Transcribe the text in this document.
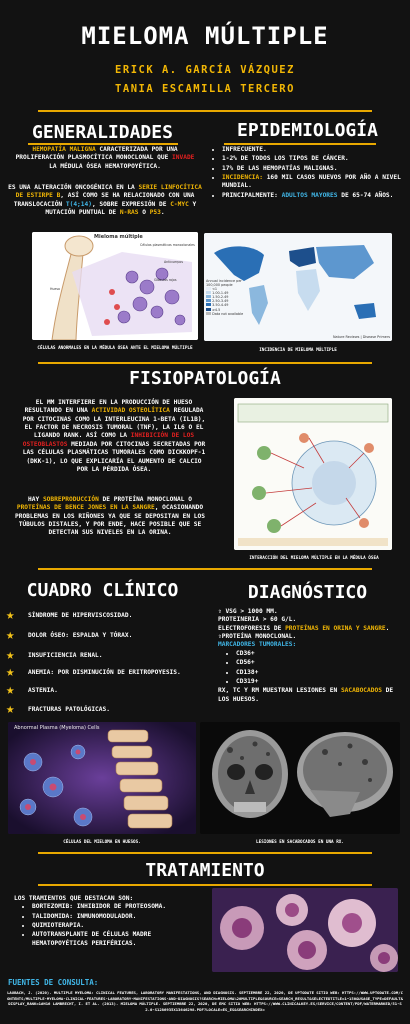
MIELOMA MÚLTIPLE
ERICK A. GARCÍA VÁZQUEZ
TANIA ESCAMILLA TERCERO
GENERALIDADES
HEMOPATÍA MALIGNA CARACTERIZADA POR UNA PROLIFERACIÓN PLASMOCÍTICA MONOCLONAL QUE INVADE LA MÉDULA ÓSEA HEMATOPOYÉTICA.
ES UNA ALTERACIÓN ONCOGÉNICA EN LA SERIE LINFOCÍTICA DE ESTIRPE B, ASÍ COMO SE HA RELACIONADO CON UNA TRANSLOCACIÓN T(4;14), SOBRE EXPRESIÓN DE C-MYC Y MUTACIÓN PUNTUAL DE N-RAS O P53.
Mieloma múltiple
Células plasmáticas monoclonales
Anticuerpos
Glóbulos rojos
Hueso
CÉLULAS ANORMALES EN LA MÉDULA ÓSEA ANTE EL MIELOMA MÚLTIPLE
EPIDEMIOLOGÍA
• INFRECUENTE.
• 1-2% DE TODOS LOS TIPOS DE CÁNCER.
• 17% DE LAS HEMOPATÍAS MALIGNAS.
• INCIDENCIA: 160 MIL CASOS NUEVOS POR AÑO A NIVEL MUNDIAL.
• PRINCIPALMENTE: ADULTOS MAYORES DE 65-74 AÑOS.
Annual incidence per 100,000 people
<1
1.00-1.49
1.50-2.49
2.50-3.49
3.50-4.49
≥4.5
Data not available
Nature Reviews | Disease Primers
INCIDENCIA DE MIELOMA MÚLTIPLE
FISIOPATOLOGÍA
EL MM INTERFIERE EN LA PRODUCCIÓN DE HUESO RESULTANDO EN UNA ACTIVIDAD OSTEOLÍTICA REGULADA POR CITOCINAS COMO LA INTERLEUCINA 1-BETA (IL1B), EL FACTOR DE NECROSIS TUMORAL (TNF), LA IL6 O EL LIGANDO RANK. ASÍ COMO LA INHIBICIÓN DE LOS OSTEOBLASTOS MEDIADA POR CITOCINAS SECRETADAS POR LAS CÉLULAS PLASMÁTICAS TUMORALES COMO DICKKOPF-1 (DKK-1), LO QUE EXPLICARÍA EL AUMENTO DE CALCIO POR LA PÉRDIDA ÓSEA.
HAY SOBREPRODUCCIÓN DE PROTEÍNA MONOCLONAL O PROTEÍNAS DE BENCE JONES EN LA SANGRE, OCASIONANDO PROBLEMAS EN LOS RIÑONES YA QUE SE DEPOSITAN EN LOS TÚBULOS DISTALES, Y POR ENDE, HACE POSIBLE QUE SE DETECTAN SUS NIVELES EN LA ORINA.
INTERACCIÓN DEL MIELOMA MÚLTIPLE EN LA MÉDULA ÓSEA
CUADRO CLÍNICO
★ SÍNDROME DE HIPERVISCOSIDAD.
★ DOLOR ÓSEO: ESPALDA Y TÓRAX.
★ INSUFICIENCIA RENAL.
★ ANEMIA: POR DISMINUCIÓN DE ERITROPOYESIS.
★ ASTENIA.
★ FRACTURAS PATOLÓGICAS.
Abnormal Plasma (Myeloma) Cells
CÉLULAS DEL MIELOMA EN HUESOS.
DIAGNÓSTICO
⇧ VSG > 1000 MM.
PROTEINERIA > 60 G/L.
ELECTROFORESIS DE PROTEÍNAS EN ORINA Y SANGRE.
⇧PROTEÍNA MONOCLONAL.
MARCADORES TUMORALES:
• CD36+
• CD56+
• CD138+
• CD319+
RX, TC Y RM MUESTRAN LESIONES EN SACABOCADOS DE LOS HUESOS.
LESIONES EN SACABOCADOS EN UNA RX.
TRATAMIENTO
LOS TRAMIENTOS QUE DESTACAN SON:
• BORTEZOMIB: INHIBIDOR DE PROTEOSOMA.
• TALIDOMIDA: INMUNOMODULADOR.
• QUIMIOTERAPIA.
• AUTOTRANSPLANTE DE CÉLULAS MADRE HEMATOPOYÉTICAS PERIFÉRICAS.
FUENTES DE CONSULTA:
LAUBACH, J. (2020). MULTIPLE MYELOMA: CLINICAL FEATURES, LABORATORY MANIFESTATIONS, AND DIAGNOSIS. SEPTIEMBRE 22, 2020, DE UPTODATE SITIO WEB: HTTPS://WWW.UPTODATE.COM/CONTENTS/MULTIPLE-MYELOMA-CLINICAL-FEATURES-LABORATORY-MANIFESTATIONS-AND-DIAGNOSIS?SEARCH=MIELOMA%20MULTIPLE&SOURCE=SEARCH_RESULT&SELECTEDTITLE=1~150&USAGE_TYPE=DEFAULT&DISPLAY_RANK=1#H16 LAMBRECHT, I. ET AL. (2013). MIELOMA MÚLTIPLE. SEPTIEMBRE 22, 2020, DE EMC SITIO WEB: HTTPS://WWW.CLINICALKEY.ES/SERVICE/CONTENT/PDF/WATERMARKED/51-S2.0-S1286935X13646298.PDF?LOCALE=ES_ES&SEARCHINDEX=
